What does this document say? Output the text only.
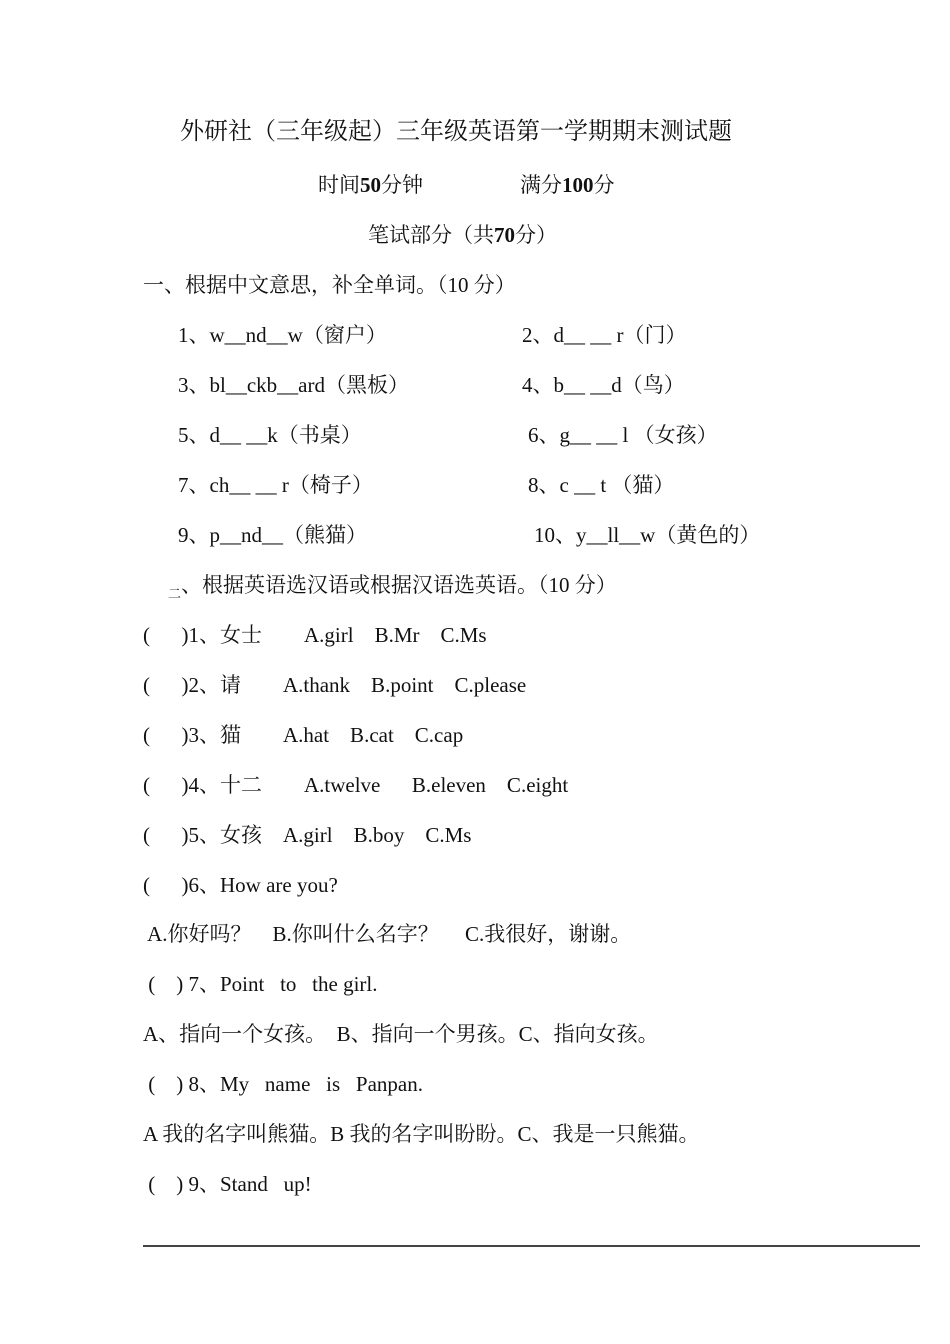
外研社（三年级起）三年级英语第一学期期末测试题
时间50分钟	满分100分
笔试部分（共70分）
一、根据中文意思，补全单词。（10 分）
1、w__nd__w（窗户）	2、d__ __ r（门）
3、bl__ckb__ard（黑板）	4、b__ __d（鸟）
5、d__ __k（书桌）	6、g__ __ l （女孩）
7、ch__ __ r（椅子）	8、c __ t （猫）
9、p__nd__（熊猫）	10、y__ll__w（黄色的）
$_二$、根据英语选汉语或根据汉语选英语。（10 分）
(      )1、女士        A.girl    B.Mr    C.Ms
(      )2、请        A.thank    B.point    C.please
(      )3、猫        A.hat    B.cat    C.cap
(      )4、十二        A.twelve      B.eleven    C.eight
(      )5、女孩    A.girl    B.boy    C.Ms
(      )6、How are you?
A.你好吗？    B.你叫什么名字？     C.我很好，谢谢。
(    ) 7、Point   to   the girl.
A、指向一个女孩。  B、指向一个男孩。C、指向女孩。
(    ) 8、My   name   is   Panpan.
A 我的名字叫熊猫。B 我的名字叫盼盼。C、我是一只熊猫。
(    ) 9、Stand   up!
